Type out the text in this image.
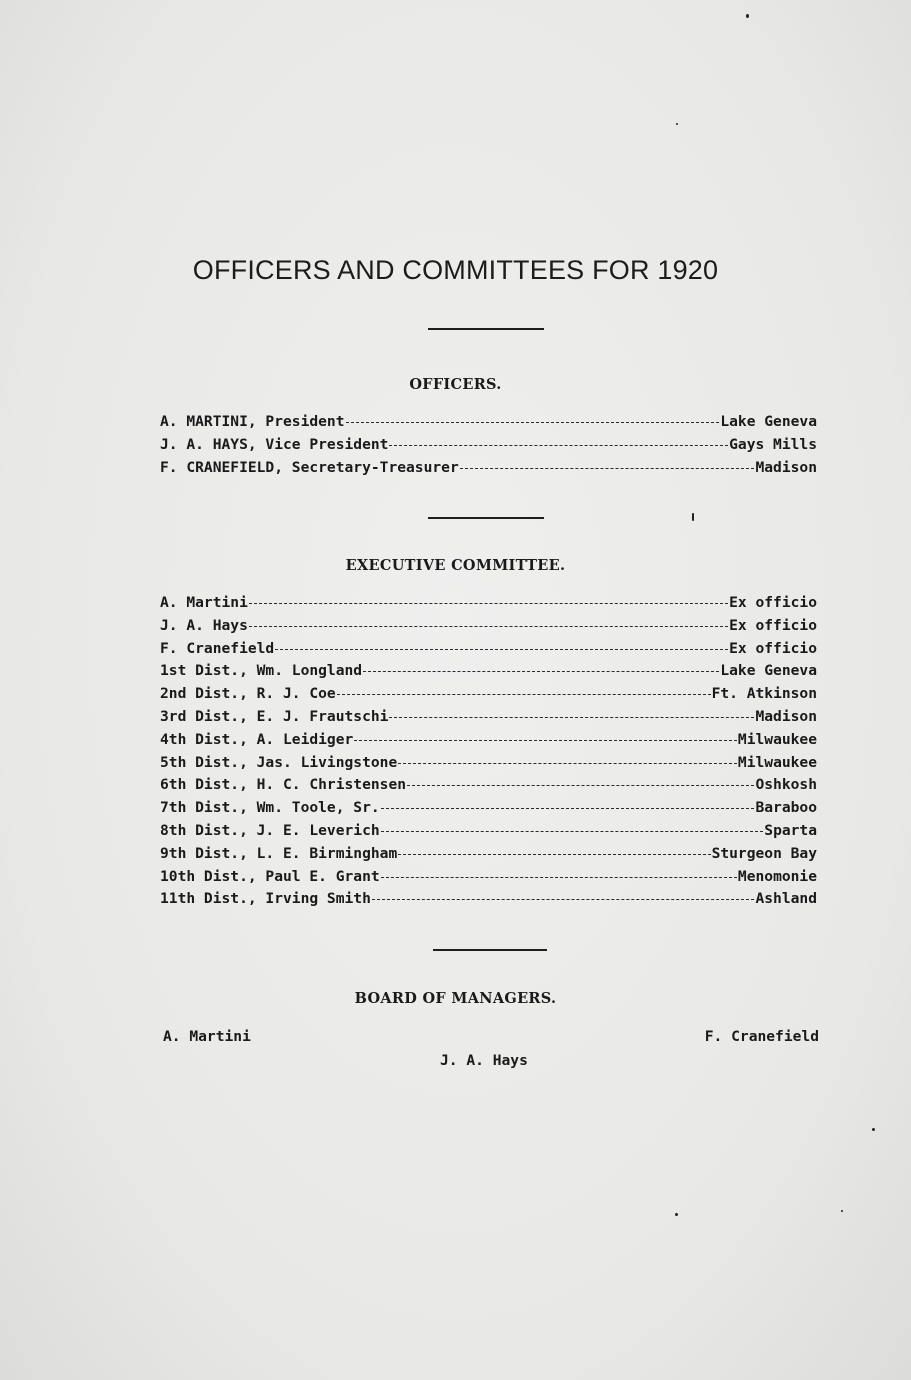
OFFICERS AND COMMITTEES FOR 1920
OFFICERS.
A. MARTINI, President	Lake Geneva
J. A. HAYS, Vice President	Gays Mills
F. CRANEFIELD, Secretary-Treasurer	Madison
EXECUTIVE COMMITTEE.
A. Martini	Ex officio
J. A. Hays	Ex officio
F. Cranefield	Ex officio
1st Dist., Wm. Longland	Lake Geneva
2nd Dist., R. J. Coe	Ft. Atkinson
3rd Dist., E. J. Frautschi	Madison
4th Dist., A. Leidiger	Milwaukee
5th Dist., Jas. Livingstone	Milwaukee
6th Dist., H. C. Christensen	Oshkosh
7th Dist., Wm. Toole, Sr.	Baraboo
8th Dist., J. E. Leverich	Sparta
9th Dist., L. E. Birmingham	Sturgeon Bay
10th Dist., Paul E. Grant	Menomonie
11th Dist., Irving Smith	Ashland
BOARD OF MANAGERS.
A. Martini	F. Cranefield
J. A. Hays
